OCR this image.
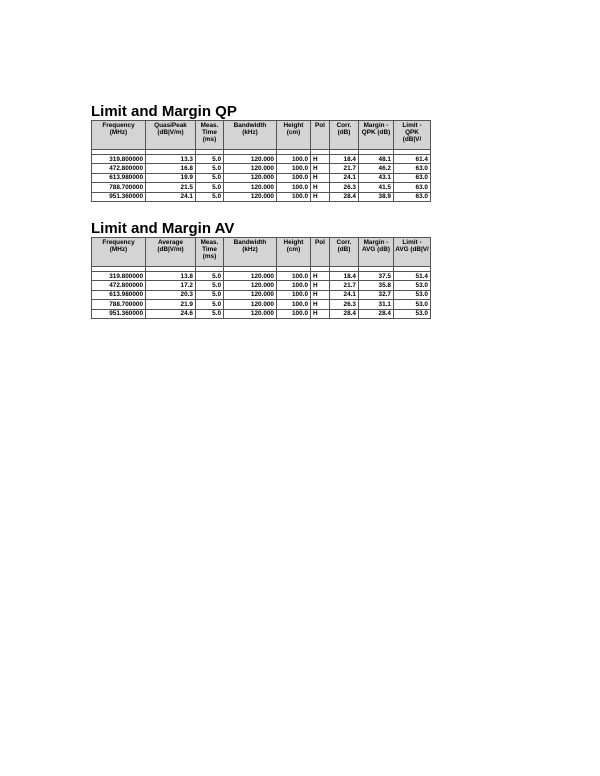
Limit and Margin QP
Frequency (MHz)	QuasiPeak (dB|V/m)	Meas. Time (ms)	Bandwidth (kHz)	Height (cm)	Pol	Corr. (dB)	Margin - QPK (dB)	Limit - QPK (dB|V/

319.800000	13.3	5.0	120.000	100.0	H	18.4	48.1	61.4
472.800000	16.8	5.0	120.000	100.0	H	21.7	46.2	63.0
613.980000	19.9	5.0	120.000	100.0	H	24.1	43.1	63.0
788.700000	21.5	5.0	120.000	100.0	H	26.3	41.5	63.0
951.360000	24.1	5.0	120.000	100.0	H	28.4	38.9	63.0
Limit and Margin AV
Frequency (MHz)	Average (dB|V/m)	Meas. Time (ms)	Bandwidth (kHz)	Height (cm)	Pol	Corr. (dB)	Margin - AVG (dB)	Limit - AVG (dB|V/

319.800000	13.8	5.0	120.000	100.0	H	18.4	37.5	51.4
472.800000	17.2	5.0	120.000	100.0	H	21.7	35.8	53.0
613.980000	20.3	5.0	120.000	100.0	H	24.1	32.7	53.0
788.700000	21.9	5.0	120.000	100.0	H	26.3	31.1	53.0
951.360000	24.6	5.0	120.000	100.0	H	28.4	28.4	53.0
